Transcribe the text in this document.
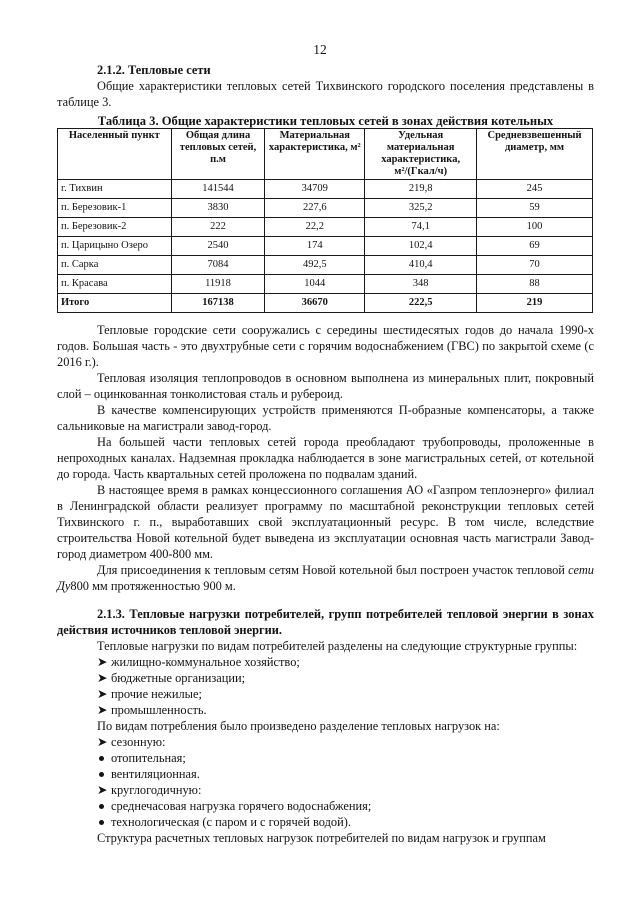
12

2.1.2. Тепловые сети

Общие характеристики тепловых сетей Тихвинского городского поселения представлены в таблице 3.

Таблица 3. Общие характеристики тепловых сетей в зонах действия котельных

Населенный пункт	Общая длина тепловых сетей, п.м	Материальная характеристика, м²	Удельная материальная характеристика, м²/(Гкал/ч)	Средневзвешенный диаметр, мм
г. Тихвин	141544	34709	219,8	245
п. Березовик-1	3830	227,6	325,2	59
п. Березовик-2	222	22,2	74,1	100
п. Царицыно Озеро	2540	174	102,4	69
п. Сарка	7084	492,5	410,4	70
п. Красава	11918	1044	348	88
Итого	167138	36670	222,5	219

Тепловые городские сети сооружались с середины шестидесятых годов до начала 1990-х годов. Большая часть - это двухтрубные сети с горячим водоснабжением (ГВС) по закрытой схеме (с 2016 г.).

Тепловая изоляция теплопроводов в основном выполнена из минеральных плит, покровный слой – оцинкованная тонколистовая сталь и рубероид.

В качестве компенсирующих устройств применяются П-образные компенсаторы, а также сальниковые на магистрали завод-город.

На большей части тепловых сетей города преобладают трубопроводы, проложенные в непроходных каналах. Надземная прокладка наблюдается в зоне магистральных сетей, от котельной до города. Часть квартальных сетей проложена по подвалам зданий.

В настоящее время в рамках концессионного соглашения АО «Газпром теплоэнерго» филиал в Ленинградской области реализует программу по масштабной реконструкции тепловых сетей Тихвинского г. п., выработавших свой эксплуатационный ресурс. В том числе, вследствие строительства Новой котельной будет выведена из эксплуатации основная часть магистрали Завод-город диаметром 400-800 мм.

Для присоединения к тепловым сетям Новой котельной был построен участок тепловой сети Ду800 мм протяженностью 900 м.

2.1.3. Тепловые нагрузки потребителей, групп потребителей тепловой энергии в зонах действия источников тепловой энергии.

Тепловые нагрузки по видам потребителей разделены на следующие структурные группы:

➤ жилищно-коммунальное хозяйство;
➤ бюджетные организации;
➤ прочие нежилые;
➤ промышленность.

По видам потребления было произведено разделение тепловых нагрузок на:

➤ сезонную:
отопительная;
вентиляционная.
➤ круглогодичную:
среднечасовая нагрузка горячего водоснабжения;
технологическая (с паром и с горячей водой).

Структура расчетных тепловых нагрузок потребителей по видам нагрузок и группам
